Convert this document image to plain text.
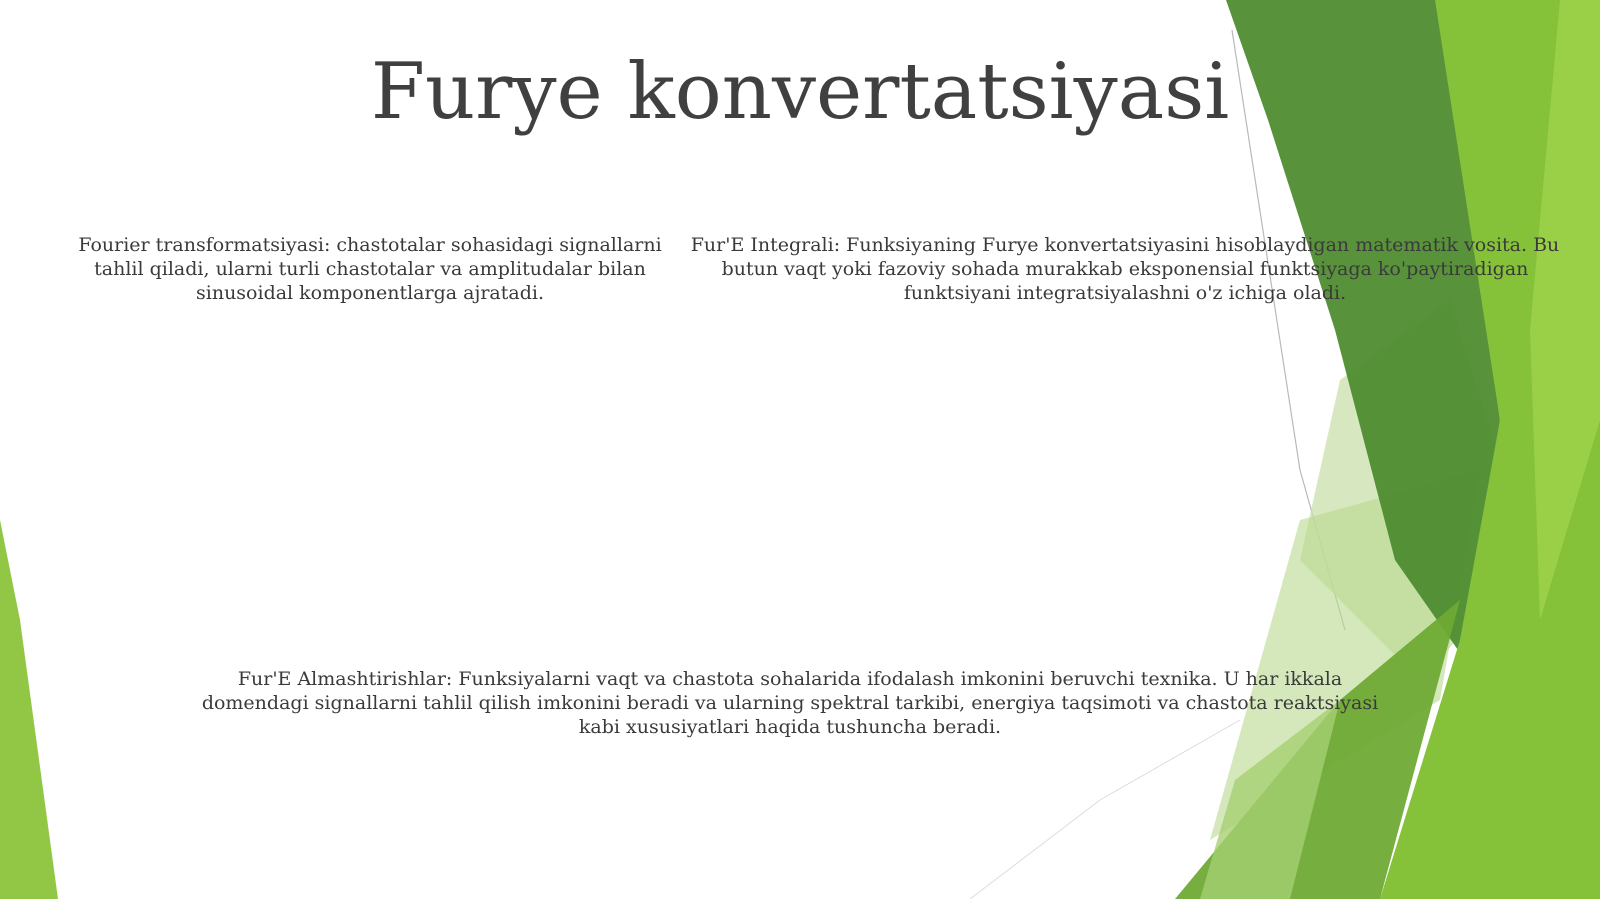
Furye konvertatsiyasi

Fourier transformatsiyasi: chastotalar sohasidagi signallarni tahlil qiladi, ularni turli chastotalar va amplitudalar bilan sinusoidal komponentlarga ajratadi.

Fur'E Integrali: Funksiyaning Furye konvertatsiyasini hisoblaydigan matematik vosita. Bu butun vaqt yoki fazoviy sohada murakkab eksponensial funktsiyaga ko'paytiradigan funktsiyani integratsiyalashni o'z ichiga oladi.

Fur'E Almashtirishlar: Funksiyalarni vaqt va chastota sohalarida ifodalash imkonini beruvchi texnika. U har ikkala domendagi signallarni tahlil qilish imkonini beradi va ularning spektral tarkibi, energiya taqsimoti va chastota reaktsiyasi kabi xususiyatlari haqida tushuncha beradi.
